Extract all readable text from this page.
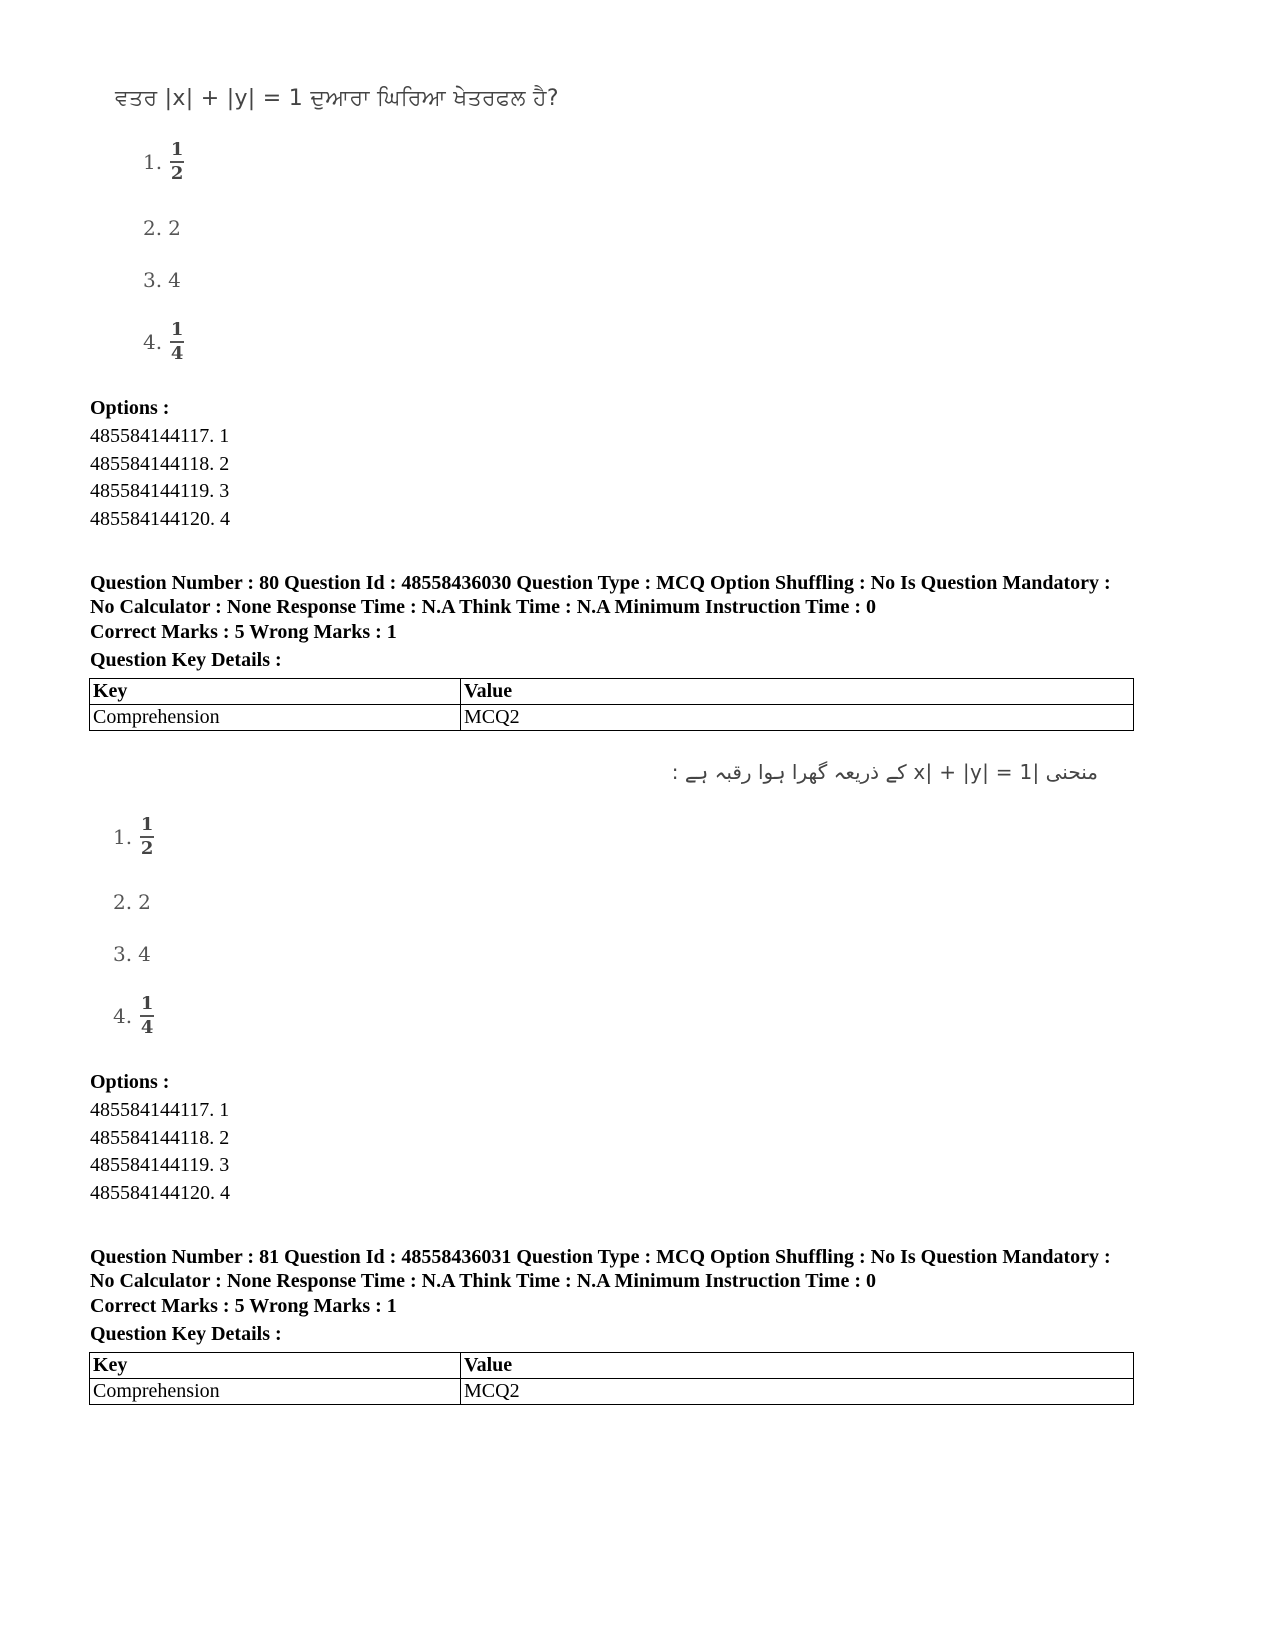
ਵਤਰ |x| + |y| = 1 ਦੁਆਰਾ ਘਿਰਿਆ ਖੇਤਰਫਲ ਹੈ?
1. $\frac{1}{2}$
2. 2
3. 4
4. $\frac{1}{4}$
Options :
485584144117. 1
485584144118. 2
485584144119. 3
485584144120. 4
Question Number : 80 Question Id : 48558436030 Question Type : MCQ Option Shuffling : No Is Question Mandatory :
No Calculator : None Response Time : N.A Think Time : N.A Minimum Instruction Time : 0
Correct Marks : 5 Wrong Marks : 1
Question Key Details :
Key	Value
Comprehension	MCQ2
منحنی |x| + |y| = 1 کے ذریعہ گھرا ہوا رقبہ ہے :
1. $\frac{1}{2}$
2. 2
3. 4
4. $\frac{1}{4}$
Options :
485584144117. 1
485584144118. 2
485584144119. 3
485584144120. 4
Question Number : 81 Question Id : 48558436031 Question Type : MCQ Option Shuffling : No Is Question Mandatory :
No Calculator : None Response Time : N.A Think Time : N.A Minimum Instruction Time : 0
Correct Marks : 5 Wrong Marks : 1
Question Key Details :
Key	Value
Comprehension	MCQ2
